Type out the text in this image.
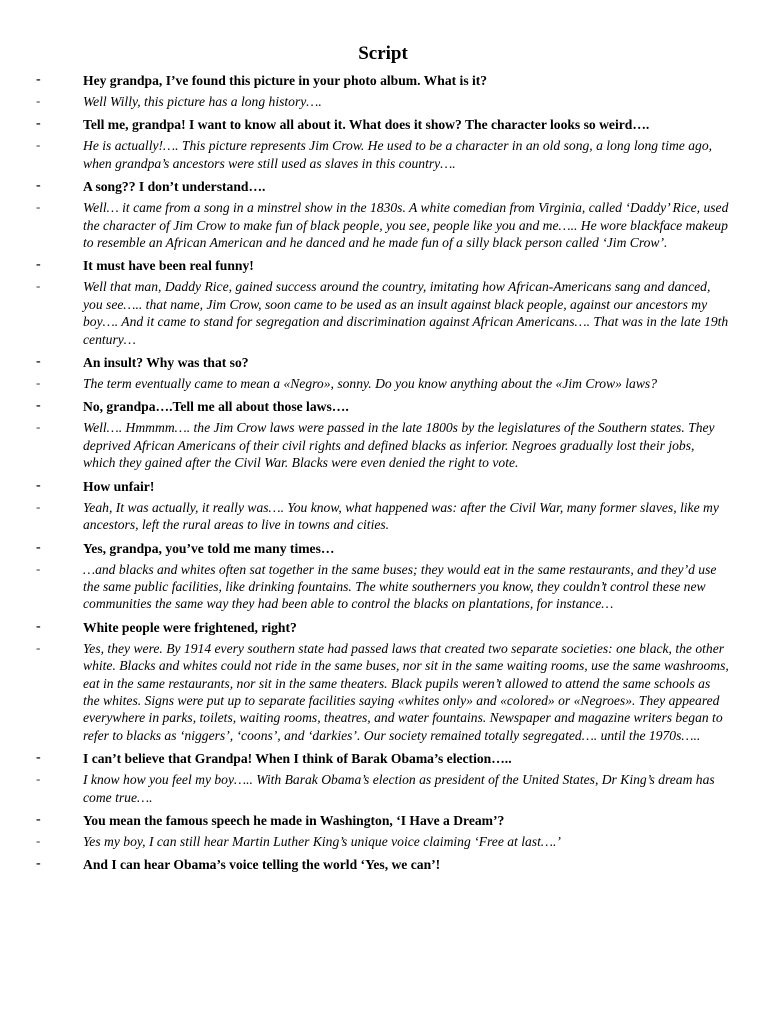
Script
-	Hey grandpa, I’ve found this picture in your photo album. What is it?
-	Well Willy, this picture has a long history….
-	Tell me, grandpa! I want to know all about it. What does it show? The character looks so weird….
-	He is actually!…. This picture represents Jim Crow. He used to be a character in an old song, a long long time ago, when grandpa’s ancestors were still used as slaves in this country….
-	A song?? I don’t understand….
-	Well… it came from a song in a minstrel show in the 1830s. A white comedian from Virginia, called ‘Daddy’ Rice, used the character of Jim Crow to make fun of black people, you see, people like you and me….. He wore blackface makeup to resemble an African American and he danced and he made fun of a silly black person called ‘Jim Crow’.
-	It must have been real funny!
-	Well that man, Daddy Rice, gained success around the country, imitating how African-Americans sang and danced, you see….. that name, Jim Crow, soon came to be used as an insult against black people, against our ancestors my boy…. And it came to stand for segregation and discrimination against African Americans…. That was in the late 19th century…
-	An insult? Why was that so?
-	The term eventually came to mean a «Negro», sonny. Do you know anything about the «Jim Crow» laws?
-	No, grandpa….Tell me all about those laws….
-	Well…. Hmmmm…. the Jim Crow laws were passed in the late 1800s by the legislatures of the Southern states. They deprived African Americans of their civil rights and defined blacks as inferior. Negroes gradually lost their jobs, which they gained after the Civil War. Blacks were even denied the right to vote.
-	How unfair!
-	Yeah, It was actually, it really was…. You know, what happened was: after the Civil War, many former slaves, like my ancestors, left the rural areas to live in towns and cities.
-	Yes, grandpa, you’ve told me many times…
-	…and blacks and whites often sat together in the same buses; they would eat in the same restaurants, and they’d use the same public facilities, like drinking fountains. The white southerners you know, they couldn’t control these new communities the same way they had been able to control the blacks on plantations, for instance…
-	White people were frightened, right?
-	Yes, they were. By 1914 every southern state had passed laws that created two separate societies: one black, the other white. Blacks and whites could not ride in the same buses, nor sit in the same waiting rooms, use the same washrooms, eat in the same restaurants, nor sit in the same theaters. Black pupils weren’t allowed to attend the same schools as the whites. Signs were put up to separate facilities saying «whites only» and «colored» or «Negroes». They appeared everywhere in parks, toilets, waiting rooms, theatres, and water fountains. Newspaper and magazine writers began to refer to blacks as ‘niggers’, ‘coons’, and ‘darkies’. Our society remained totally segregated…. until the 1970s…..
-	I can’t believe that Grandpa! When I think of Barak Obama’s election…..
-	I know how you feel my boy….. With Barak Obama’s election as president of the United States, Dr King’s dream has come true….
-	You mean the famous speech he made in Washington, ‘I Have a Dream’?
-	Yes my boy, I can still hear Martin Luther King’s unique voice claiming ‘Free at last….’
-	And I can hear Obama’s voice telling the world ‘Yes, we can’!
